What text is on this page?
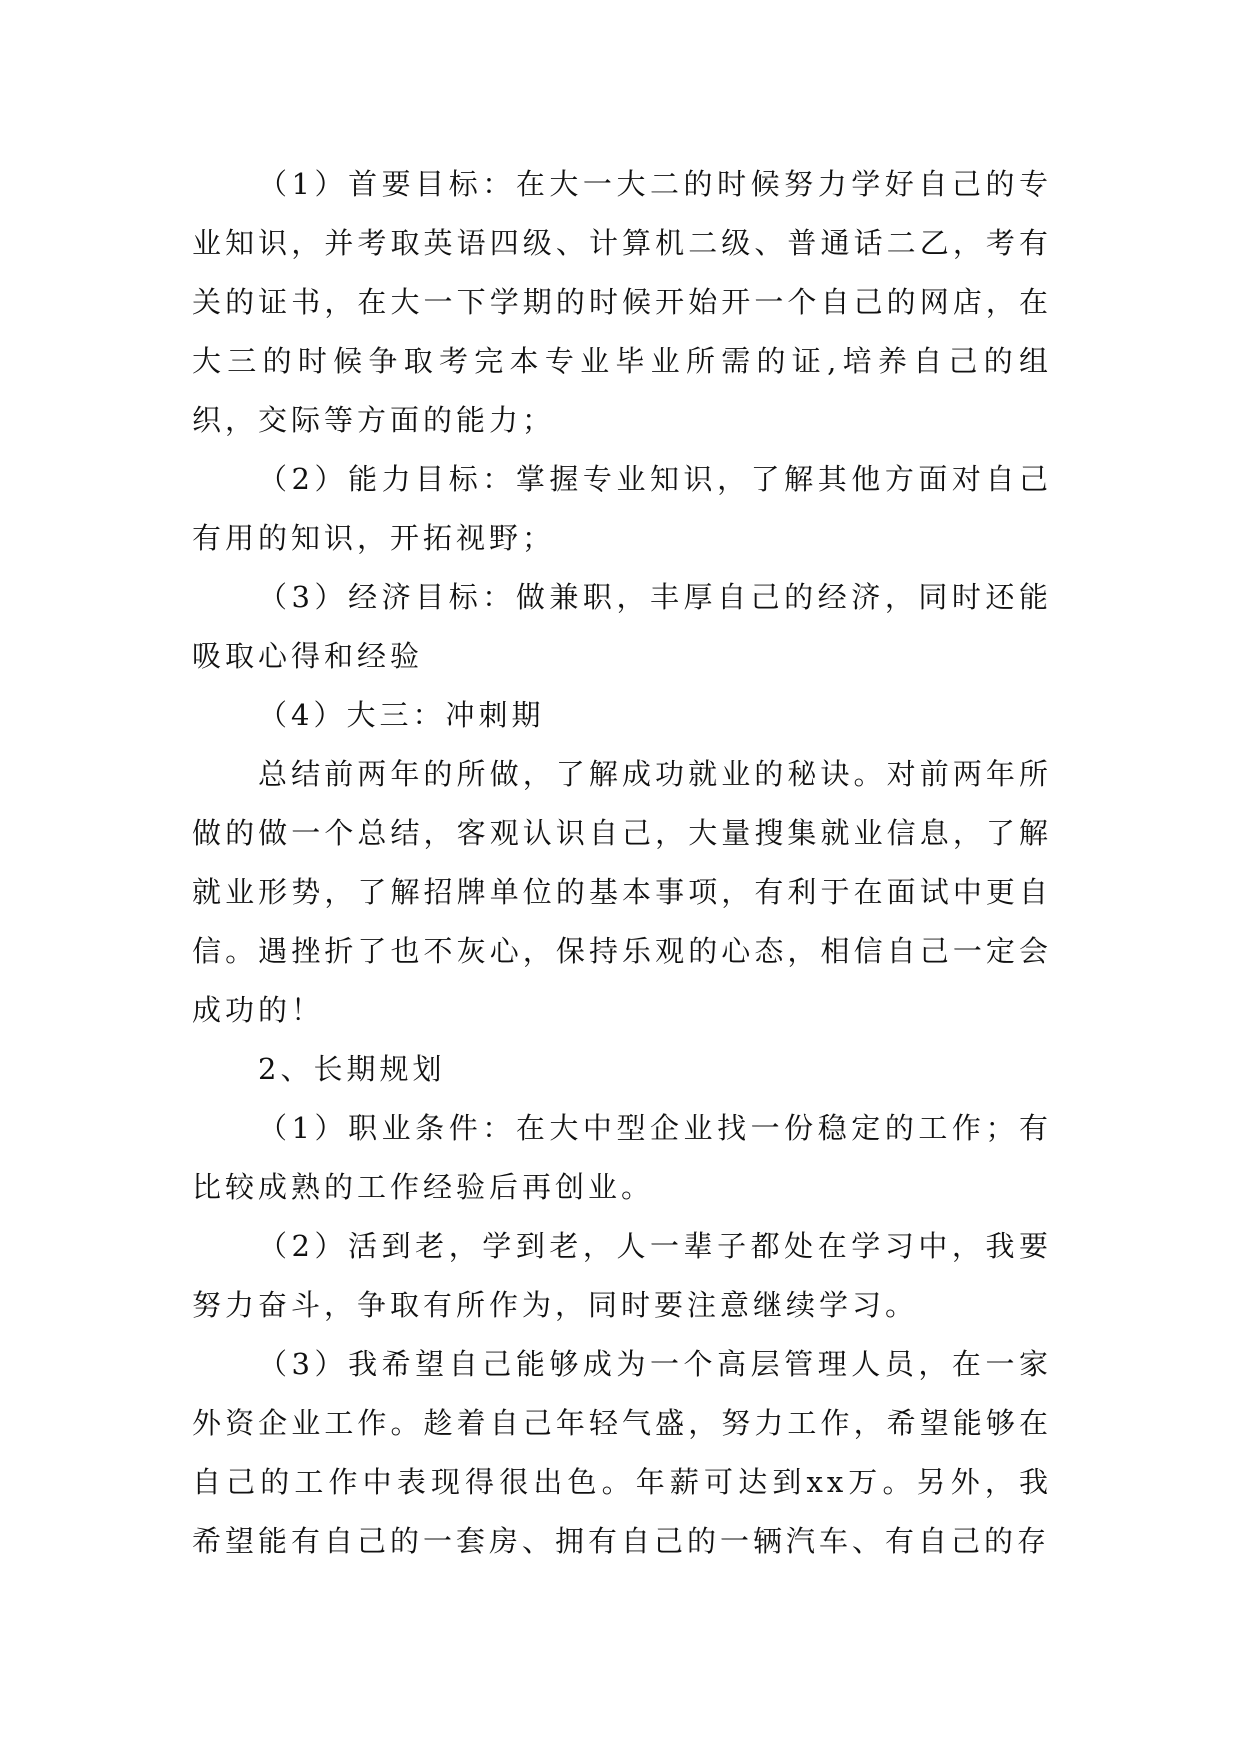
（1）首要目标：在大一大二的时候努力学好自己的专业知识，并考取英语四级、计算机二级、普通话二乙，考有关的证书，在大一下学期的时候开始开一个自己的网店，在大三的时候争取考完本专业毕业所需的证,培养自己的组织，交际等方面的能力；

（2）能力目标：掌握专业知识，了解其他方面对自己有用的知识，开拓视野；

（3）经济目标：做兼职，丰厚自己的经济，同时还能吸取心得和经验

（4）大三：冲刺期

总结前两年的所做，了解成功就业的秘诀。对前两年所做的做一个总结，客观认识自己，大量搜集就业信息，了解就业形势，了解招牌单位的基本事项，有利于在面试中更自信。遇挫折了也不灰心，保持乐观的心态，相信自己一定会成功的！

2、长期规划

（1）职业条件：在大中型企业找一份稳定的工作；有比较成熟的工作经验后再创业。

（2）活到老，学到老，人一辈子都处在学习中，我要努力奋斗，争取有所作为，同时要注意继续学习。

（3）我希望自己能够成为一个高层管理人员，在一家外资企业工作。趁着自己年轻气盛，努力工作，希望能够在自己的工作中表现得很出色。年薪可达到xx万。另外，我希望能有自己的一套房、拥有自己的一辆汽车、有自己的存
